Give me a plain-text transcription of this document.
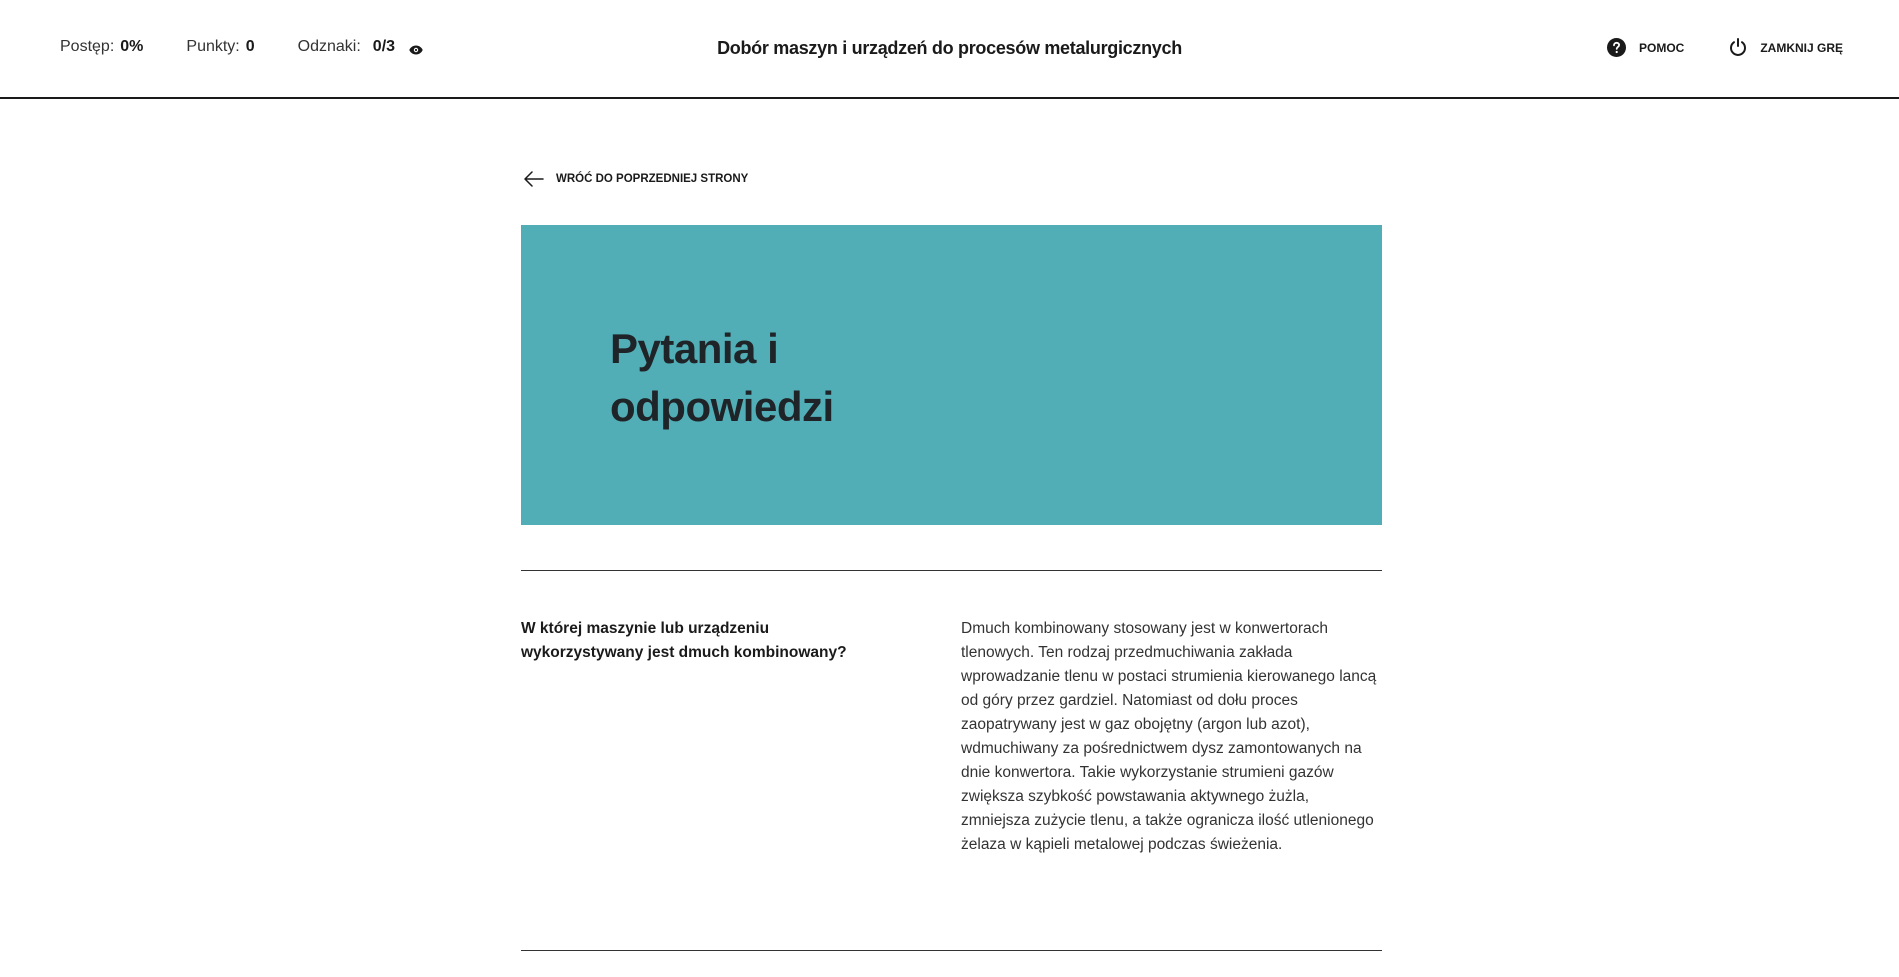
Postęp: 0%	Punkty: 0	Odznaki: 0/3	Dobór maszyn i urządzeń do procesów metalurgicznych	POMOC	ZAMKNIJ GRĘ
WRÓĆ DO POPRZEDNIEJ STRONY
Pytania i
odpowiedzi

W której maszynie lub urządzeniu wykorzystywany jest dmuch kombinowany?

Dmuch kombinowany stosowany jest w konwertorach tlenowych. Ten rodzaj przedmuchiwania zakłada wprowadzanie tlenu w postaci strumienia kierowanego lancą od góry przez gardziel. Natomiast od dołu proces zaopatrywany jest w gaz obojętny (argon lub azot), wdmuchiwany za pośrednictwem dysz zamontowanych na dnie konwertora. Takie wykorzystanie strumieni gazów zwiększa szybkość powstawania aktywnego żużla, zmniejsza zużycie tlenu, a także ogranicza ilość utlenionego żelaza w kąpieli metalowej podczas świeżenia.
